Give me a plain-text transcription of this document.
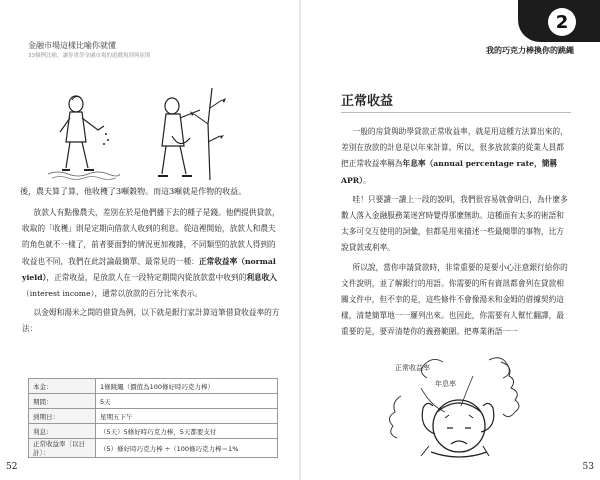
金融市場這樣比喻你就懂
33個例比喻，讓你重學金融市場的遊戲規則與原則
後，農夫算了算，他收穫了3噸穀物。而這3噸就是作物的收益。

放款人有點像農夫，差別在於是他們播下去的種子是錢。他們提供貸款，收取的「收穫」則是定期向借款人收到的利息。從這裡開始，放款人和農夫的角色就不一樣了，前者要面對的情況更加複雜，不同類型的放款人得到的收益也不同，我們在此討論最簡單、最常見的一種：正常收益率（normal yield），正常收益，是放款人在一段特定期間內從放款當中收到的利息收入（interest income），通常以放款的百分比來表示。

以金姆和湯米之間的借貸為例，以下就是銀行家計算這筆借貸收益率的方法：

本金：	1條跳繩（價值為100條好時巧克力棒）
期間：	5天
到期日：	星期五下午
利息：	（5天）5條好時巧克力棒，5天都要支付
正常收益率〔以日計〕：	（5）條好時巧克力棒 ÷（100條巧克力棒＝1%
52
2
我的巧克力棒換你的跳繩
正常收益

一般的房貸與助學貸款正常收益率，就是用這種方法算出來的，差別在放款的計息是以年來計算。所以，很多放款業的從業人員都把正常收益率稱為年息率（annual percentage rate，簡稱APR）。

哇！只要讀一讀上一段的說明，我們很容易就會明白，為什麼多數人落入金融服務業迷宮時覺得那麼無助。這種面有太多的術語和太多可交互使用的詞彙，但都是用來描述一些最簡單的事物，比方說貸款或利率。

所以說，當你申請貸款時，非常重要的是要小心注意銀行給你的文件說明，並了解銀行的用語。你需要的所有資訊都會列在貸款相關文件中，但不幸的是，這些條件不會像湯米和金姆的借據契約這樣，清楚簡單地一一羅列出來。也因此，你需要有人幫忙翻譯，最重要的是，要弄清楚你的義務範圍。把專業術語一一

正常收益率
年息率
53
